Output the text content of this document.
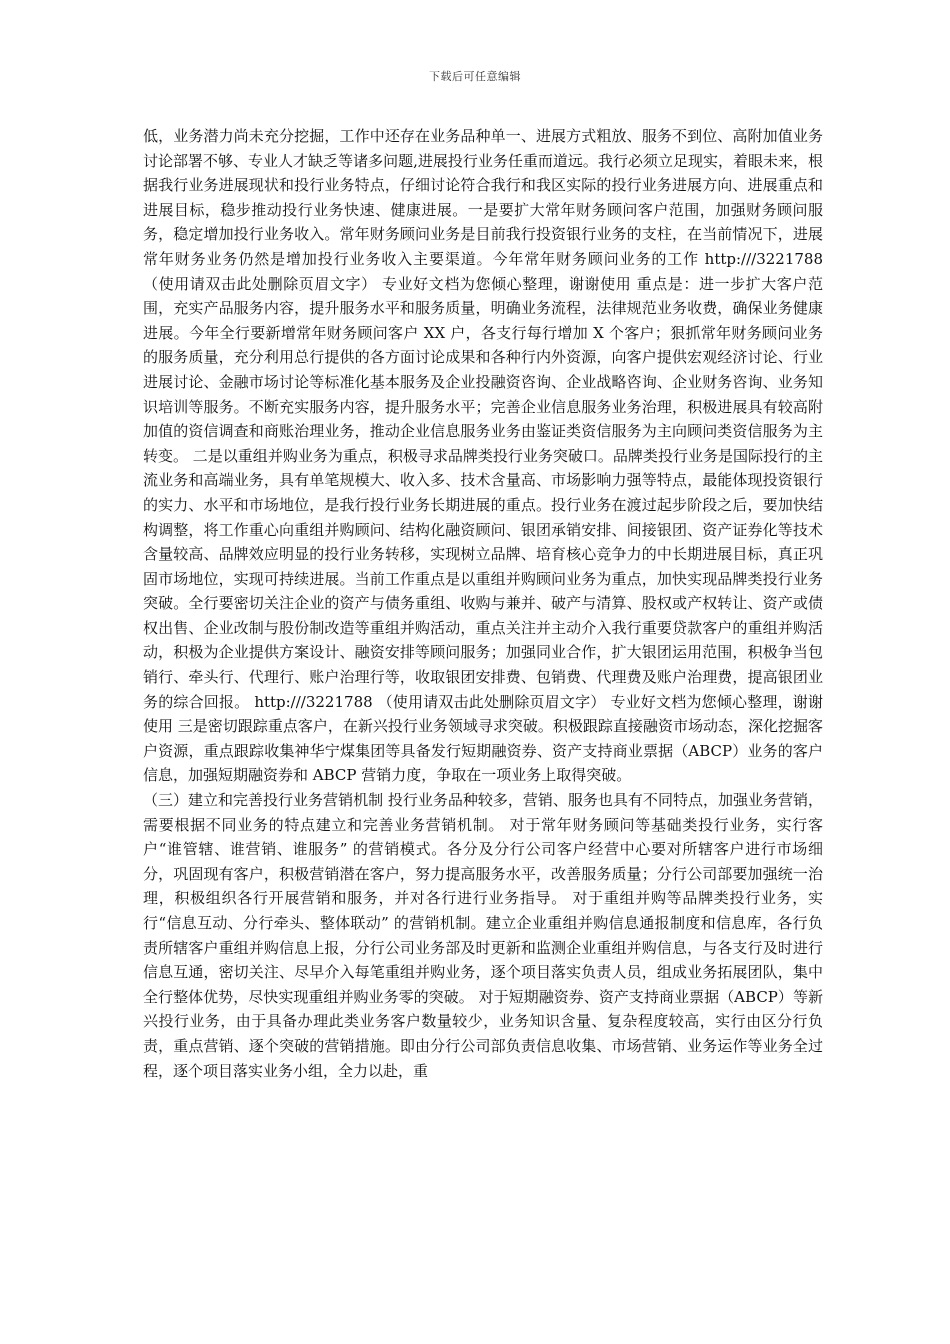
下载后可任意编辑

低，业务潜力尚未充分挖掘，工作中还存在业务品种单一、进展方式粗放、服务不到位、高附加值业务讨论部署不够、专业人才缺乏等诸多问题,进展投行业务任重而道远。我行必须立足现实，着眼未来，根据我行业务进展现状和投行业务特点，仔细讨论符合我行和我区实际的投行业务进展方向、进展重点和进展目标，稳步推动投行业务快速、健康进展。一是要扩大常年财务顾问客户范围，加强财务顾问服务，稳定增加投行业务收入。常年财务顾问业务是目前我行投资银行业务的支柱，在当前情况下，进展常年财务业务仍然是增加投行业务收入主要渠道。今年常年财务顾问业务的工作 http:///3221788 （使用请双击此处删除页眉文字） 专业好文档为您倾心整理，谢谢使用 重点是：进一步扩大客户范围，充实产品服务内容，提升服务水平和服务质量，明确业务流程，法律规范业务收费，确保业务健康进展。今年全行要新增常年财务顾问客户 XX 户，各支行每行增加 X 个客户；狠抓常年财务顾问业务的服务质量，充分利用总行提供的各方面讨论成果和各种行内外资源，向客户提供宏观经济讨论、行业进展讨论、金融市场讨论等标准化基本服务及企业投融资咨询、企业战略咨询、企业财务咨询、业务知识培训等服务。不断充实服务内容，提升服务水平；完善企业信息服务业务治理，积极进展具有较高附加值的资信调查和商账治理业务，推动企业信息服务业务由鉴证类资信服务为主向顾问类资信服务为主转变。 二是以重组并购业务为重点，积极寻求品牌类投行业务突破口。品牌类投行业务是国际投行的主流业务和高端业务，具有单笔规模大、收入多、技术含量高、市场影响力强等特点，最能体现投资银行的实力、水平和市场地位，是我行投行业务长期进展的重点。投行业务在渡过起步阶段之后，要加快结构调整，将工作重心向重组并购顾问、结构化融资顾问、银团承销安排、间接银团、资产证券化等技术含量较高、品牌效应明显的投行业务转移，实现树立品牌、培育核心竞争力的中长期进展目标，真正巩固市场地位，实现可持续进展。当前工作重点是以重组并购顾问业务为重点，加快实现品牌类投行业务突破。全行要密切关注企业的资产与债务重组、收购与兼并、破产与清算、股权或产权转让、资产或债权出售、企业改制与股份制改造等重组并购活动，重点关注并主动介入我行重要贷款客户的重组并购活动，积极为企业提供方案设计、融资安排等顾问服务；加强同业合作，扩大银团运用范围，积极争当包销行、牵头行、代理行、账户治理行等，收取银团安排费、包销费、代理费及账户治理费，提高银团业务的综合回报。 http:///3221788 （使用请双击此处删除页眉文字） 专业好文档为您倾心整理，谢谢使用 三是密切跟踪重点客户，在新兴投行业务领域寻求突破。积极跟踪直接融资市场动态，深化挖掘客户资源，重点跟踪收集神华宁煤集团等具备发行短期融资券、资产支持商业票据（ABCP）业务的客户信息，加强短期融资券和 ABCP 营销力度，争取在一项业务上取得突破。

（三）建立和完善投行业务营销机制 投行业务品种较多，营销、服务也具有不同特点，加强业务营销，需要根据不同业务的特点建立和完善业务营销机制。 对于常年财务顾问等基础类投行业务，实行客户“谁管辖、谁营销、谁服务” 的营销模式。各分及分行公司客户经营中心要对所辖客户进行市场细分，巩固现有客户，积极营销潜在客户，努力提高服务水平，改善服务质量；分行公司部要加强统一治理，积极组织各行开展营销和服务，并对各行进行业务指导。 对于重组并购等品牌类投行业务，实行“信息互动、分行牵头、整体联动” 的营销机制。建立企业重组并购信息通报制度和信息库，各行负责所辖客户重组并购信息上报，分行公司业务部及时更新和监测企业重组并购信息，与各支行及时进行信息互通，密切关注、尽早介入每笔重组并购业务，逐个项目落实负责人员，组成业务拓展团队，集中全行整体优势，尽快实现重组并购业务零的突破。 对于短期融资券、资产支持商业票据（ABCP）等新兴投行业务，由于具备办理此类业务客户数量较少，业务知识含量、复杂程度较高，实行由区分行负责，重点营销、逐个突破的营销措施。即由分行公司部负责信息收集、市场营销、业务运作等业务全过程，逐个项目落实业务小组，全力以赴，重
